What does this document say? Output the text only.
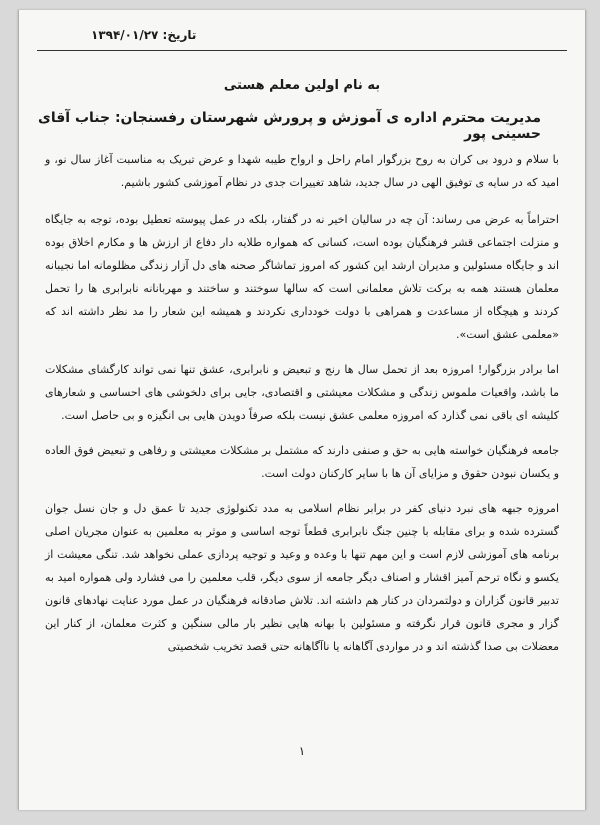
تاریخ: ۱۳۹۴/۰۱/۲۷
به نام اولین معلم هستی
مدیریت محترم اداره ی آموزش و پرورش شهرستان رفسنجان: جناب آقای حسینی پور

با سلام و درود بی کران به روح بزرگوار امام راحل و ارواح طیبه شهدا و عرض تبریک به مناسبت آغاز سال نو، و امید که در سایه ی توفیق الهی در سال جدید، شاهد تغییرات جدی در نظام آموزشی کشور باشیم.

احتراماً به عرض می رساند: آن چه در سالیان اخیر نه در گفتار، بلکه در عمل پیوسته تعطیل بوده، توجه به جایگاه و منزلت اجتماعی قشر فرهنگیان بوده است، کسانی که همواره طلایه دار دفاع از ارزش ها و مکارم اخلاق بوده اند و جایگاه مسئولین و مدیران ارشد این کشور که امروز تماشاگر صحنه های دل آزار زندگی مظلومانه اما نجیبانه معلمان هستند همه به برکت تلاش معلمانی است که سالها سوختند و ساختند و مهربانانه نابرابری ها را تحمل کردند و هیچگاه از مساعدت و همراهی با دولت خودداری نکردند و همیشه این شعار را مد نظر داشته اند که «معلمی عشق است».

اما برادر بزرگوار! امروزه بعد از تحمل سال ها رنج و تبعیض و نابرابری، عشق تنها نمی تواند کارگشای مشکلات ما باشد، واقعیات ملموس زندگی و مشکلات معیشتی و اقتصادی، جایی برای دلخوشی های احساسی و شعارهای کلیشه ای باقی نمی گذارد که امروزه معلمی عشق نیست بلکه صرفاً دویدن هایی بی انگیزه و بی حاصل است.

جامعه فرهنگیان خواسته هایی به حق و صنفی دارند که مشتمل بر مشکلات معیشتی و رفاهی و تبعیض فوق العاده و یکسان نبودن حقوق و مزایای آن ها با سایر کارکنان دولت است.

امروزه جبهه های نبرد دنیای کفر در برابر نظام اسلامی به مدد تکنولوژی جدید تا عمق دل و جان نسل جوان گسترده شده و برای مقابله با چنین جنگ نابرابری قطعاً توجه اساسی و موثر به معلمین به عنوان مجریان اصلی برنامه های آموزشی لازم است و این مهم تنها با وعده و وعید و توجیه پردازی عملی نخواهد شد. تنگی معیشت از یکسو و نگاه ترحم آمیز اقشار و اصناف دیگر جامعه از سوی دیگر، قلب معلمین را می فشارد ولی همواره امید به تدبیر قانون گزاران و دولتمردان در کنار هم داشته اند. تلاش صادقانه فرهنگیان در عمل مورد عنایت نهادهای قانون گزار و مجری قانون قرار نگرفته و مسئولین با بهانه هایی نظیر بار مالی سنگین و کثرت معلمان، از کنار این معضلات بی صدا گذشته اند و در مواردی آگاهانه یا ناآگاهانه حتی قصد تخریب شخصیتی

۱
